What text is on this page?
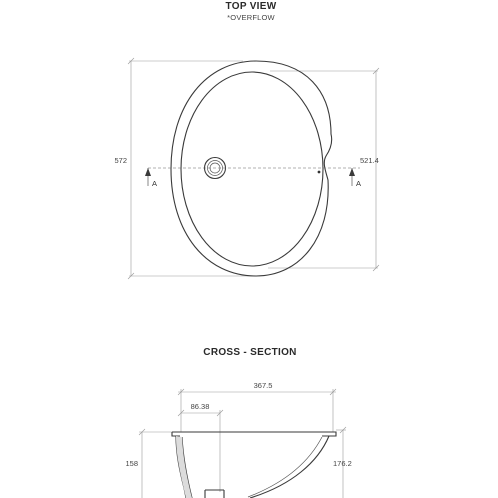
TOP VIEW
*OVERFLOW
572	521.4
A	A
CROSS - SECTION
367.5
86.38
158	176.2
